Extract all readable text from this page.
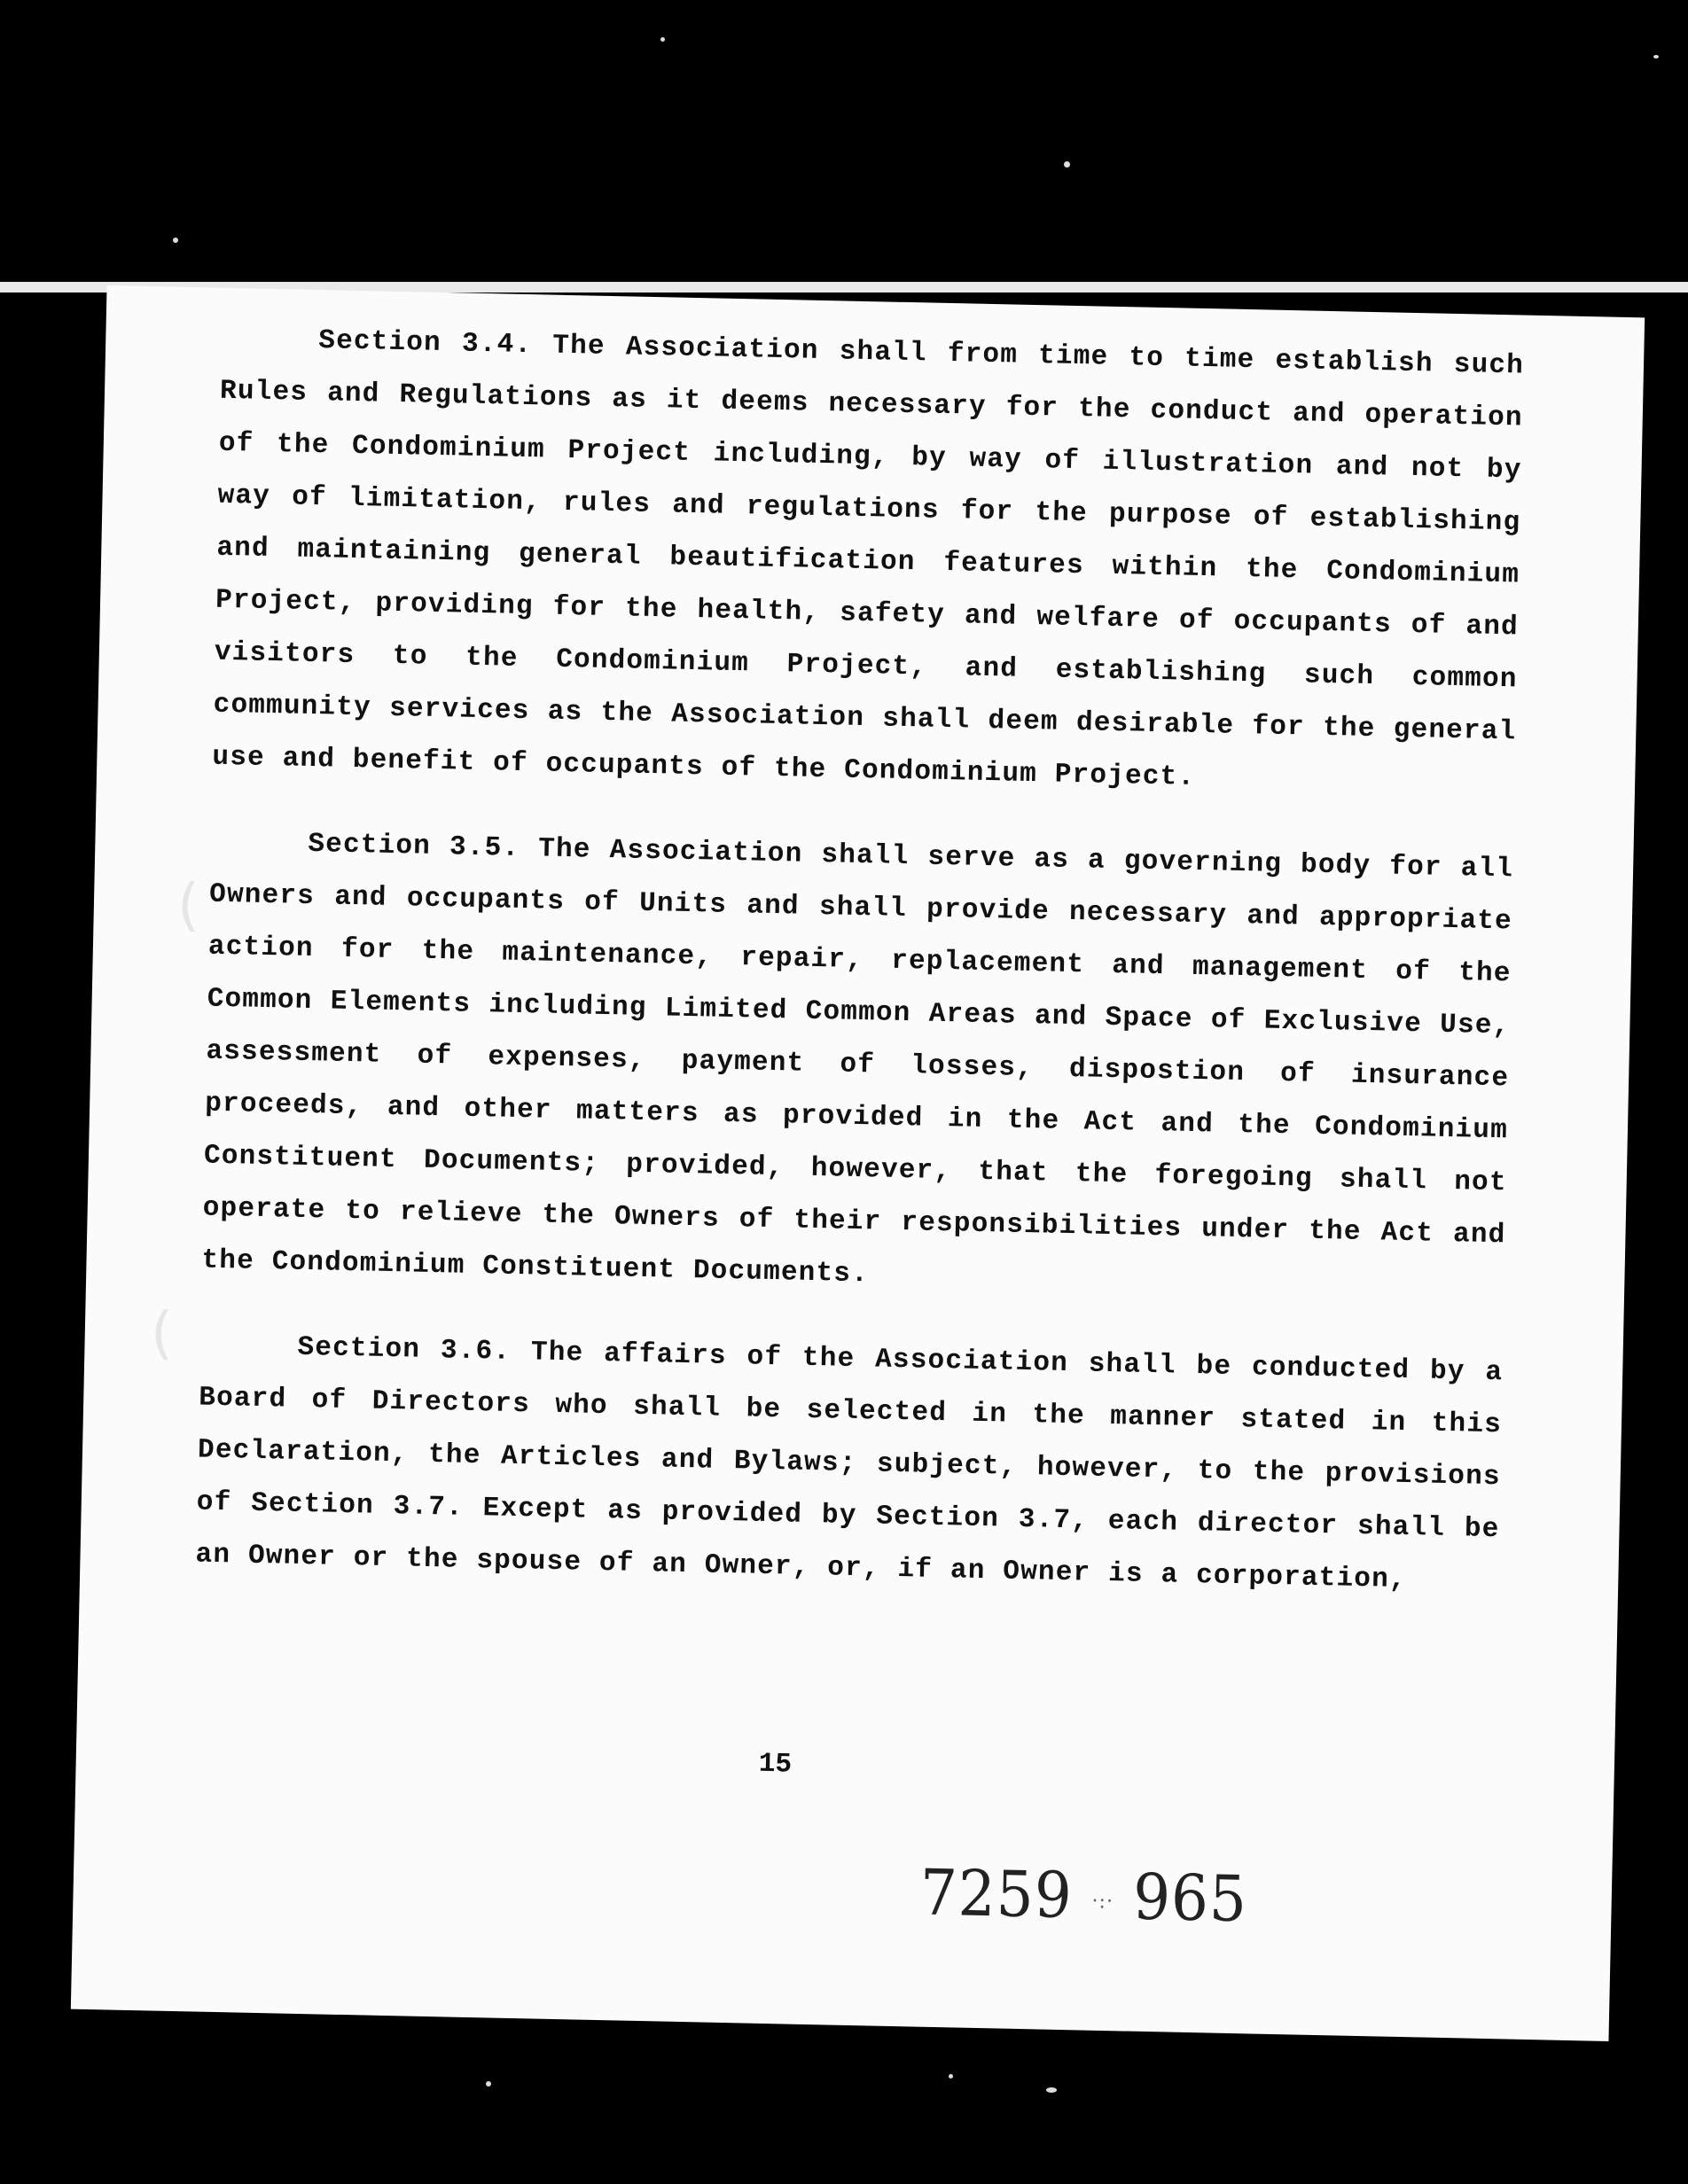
Section 3.4. The Association shall from time to time establish such Rules and Regulations as it deems necessary for the conduct and operation of the Condominium Project including, by way of illustration and not by way of limitation, rules and regulations for the purpose of establishing and maintaining general beautification features within the Condominium Project, providing for the health, safety and welfare of occupants of and visitors to the Condominium Project, and establishing such common community services as the Association shall deem desirable for the general use and benefit of occupants of the Condominium Project.

Section 3.5. The Association shall serve as a governing body for all Owners and occupants of Units and shall provide necessary and appropriate action for the maintenance, repair, replacement and management of the Common Elements including Limited Common Areas and Space of Exclusive Use, assessment of expenses, payment of losses, dispostion of insurance proceeds, and other matters as provided in the Act and the Condominium Constituent Documents; provided, however, that the foregoing shall not operate to relieve the Owners of their responsibilities under the Act and the Condominium Constituent Documents.

Section 3.6. The affairs of the Association shall be conducted by a Board of Directors who shall be selected in the manner stated in this Declaration, the Articles and Bylaws; subject, however, to the provisions of Section 3.7. Except as provided by Section 3.7, each director shall be an Owner or the spouse of an Owner, or, if an Owner is a corporation,

15
7259 ·:· 965
(
(
